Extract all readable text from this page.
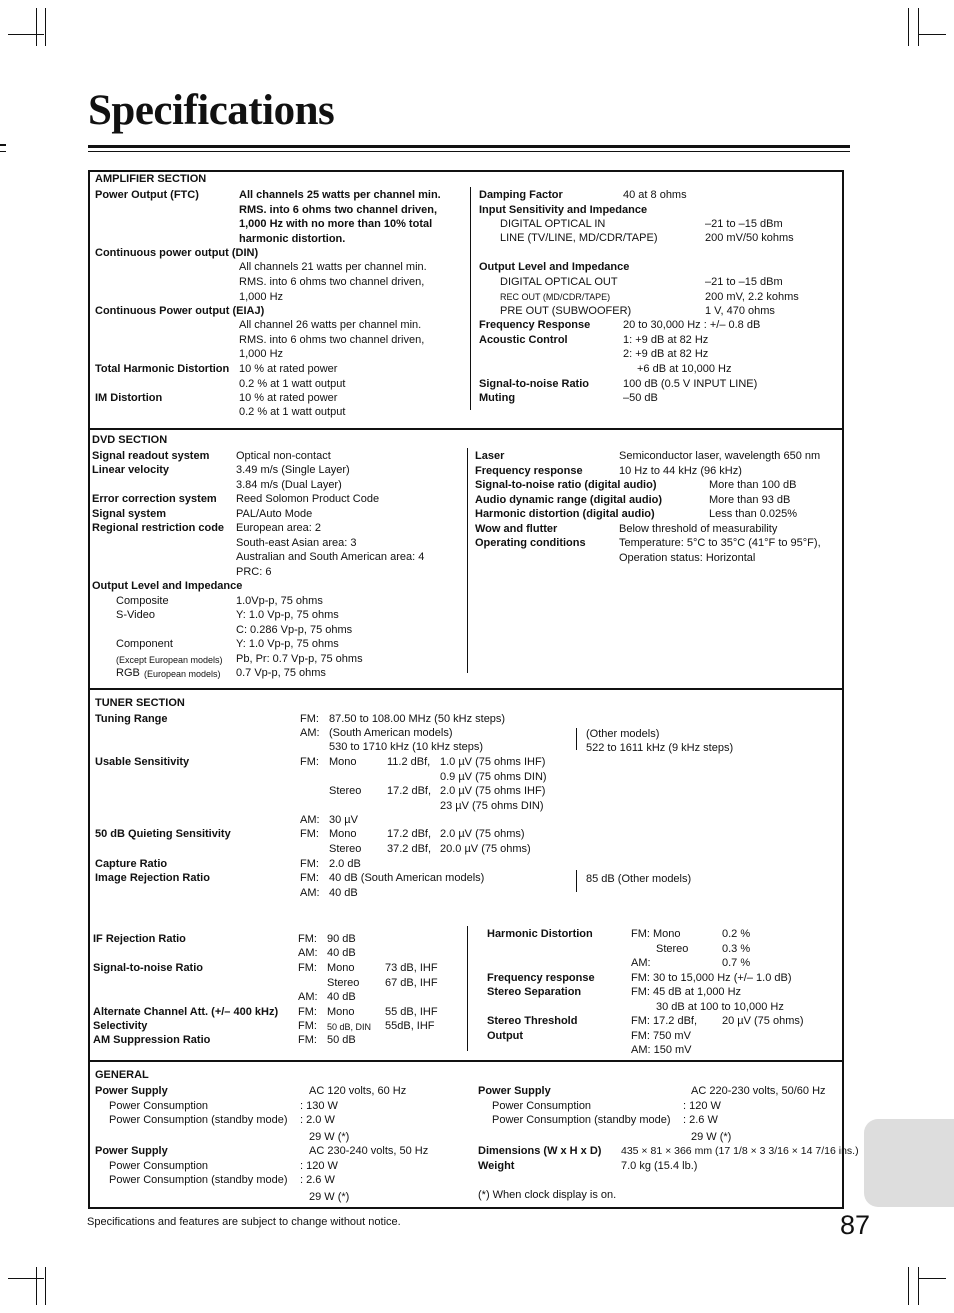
Specifications
AMPLIFIER SECTION
Power Output (FTC)	All channels 25 watts per channel min.
RMS. into 6 ohms two channel driven,
1,000 Hz with no more than 10% total
harmonic distortion.
Continuous power output (DIN)
All channels 21 watts per channel min.
RMS. into 6 ohms two channel driven,
1,000 Hz
Continuous Power output (EIAJ)
All channel 26 watts per channel min.
RMS. into 6 ohms two channel driven,
1,000 Hz
Total Harmonic Distortion 10 % at rated power
0.2 % at 1 watt output
IM Distortion	10 % at rated power
0.2 % at 1 watt output
Damping Factor	40 at 8 ohms
Input Sensitivity and Impedance
DIGITAL OPTICAL IN	–21 to –15 dBm
LINE (TV/LINE, MD/CDR/TAPE)	200 mV/50 kohms
Output Level and Impedance
DIGITAL OPTICAL OUT	–21 to –15 dBm
REC OUT (MD/CDR/TAPE)	200 mV, 2.2 kohms
PRE OUT (SUBWOOFER)	1 V, 470 ohms
Frequency Response	20 to 30,000 Hz : +/– 0.8 dB
Acoustic Control	1: +9 dB at 82 Hz
2: +9 dB at 82 Hz
+6 dB at 10,000 Hz
Signal-to-noise Ratio	100 dB (0.5 V INPUT LINE)
Muting	–50 dB
DVD SECTION
Signal readout system Optical non-contact
Linear velocity	3.49 m/s (Single Layer)
3.84 m/s (Dual Layer)
Error correction system Reed Solomon Product Code
Signal system	PAL/Auto Mode
Regional restriction code European area: 2
South-east Asian area: 3
Australian and South American area: 4
PRC: 6
Output Level and Impedance
Composite	1.0Vp-p, 75 ohms
S-Video	Y: 1.0 Vp-p, 75 ohms
C: 0.286 Vp-p, 75 ohms
Component	Y: 1.0 Vp-p, 75 ohms
(Except European models) Pb, Pr: 0.7 Vp-p, 75 ohms
RGB (European models) 0.7 Vp-p, 75 ohms
Laser	Semiconductor laser, wavelength 650 nm
Frequency response	10 Hz to 44 kHz (96 kHz)
Signal-to-noise ratio (digital audio)	More than 100 dB
Audio dynamic range (digital audio)	More than 93 dB
Harmonic distortion (digital audio)	Less than 0.025%
Wow and flutter	Below threshold of measurability
Operating conditions	Temperature: 5°C to 35°C (41°F to 95°F),
Operation status: Horizontal
TUNER SECTION
Tuning Range	FM: 87.50 to 108.00 MHz (50 kHz steps)
AM: (South American models)
530 to 1710 kHz (10 kHz steps)
(Other models)
522 to 1611 kHz (9 kHz steps)
Usable Sensitivity	FM: Mono	11.2 dBf, 1.0 µV (75 ohms IHF)
0.9 µV (75 ohms DIN)
Stereo 17.2 dBf, 2.0 µV (75 ohms IHF)
23 µV (75 ohms DIN)
AM: 30 µV
50 dB Quieting Sensitivity	FM: Mono	17.2 dBf, 2.0 µV (75 ohms)
Stereo 37.2 dBf, 20.0 µV (75 ohms)
Capture Ratio	FM: 2.0 dB
Image Rejection Ratio	FM: 40 dB (South American models)	85 dB (Other models)
AM: 40 dB
IF Rejection Ratio	FM: 90 dB
AM: 40 dB
Signal-to-noise Ratio	FM: Mono	73 dB, IHF
Stereo 67 dB, IHF
AM: 40 dB
Alternate Channel Att. (+/– 400 kHz) FM: Mono	55 dB, IHF
Selectivity	FM: 50 dB, DIN 55dB, IHF
AM Suppression Ratio	FM: 50 dB
Harmonic Distortion	FM: Mono	0.2 %
Stereo	0.3 %
AM:	0.7 %
Frequency response	FM: 30 to 15,000 Hz (+/– 1.0 dB)
Stereo Separation	FM: 45 dB at 1,000 Hz
30 dB at 100 to 10,000 Hz
Stereo Threshold	FM: 17.2 dBf, 20 µV (75 ohms)
Output	FM: 750 mV
AM: 150 mV
GENERAL
Power Supply	AC 120 volts, 60 Hz
Power Consumption	: 130 W
Power Consumption (standby mode) : 2.0 W
29 W (*)
Power Supply	AC 230-240 volts, 50 Hz
Power Consumption	: 120 W
Power Consumption (standby mode) : 2.6 W
29 W (*)
Power Supply	AC 220-230 volts, 50/60 Hz
Power Consumption	: 120 W
Power Consumption (standby mode) : 2.6 W
29 W (*)
Dimensions (W x H x D) 435 × 81 × 366 mm (17 1/8 × 3 3/16 × 14 7/16 ins.)
Weight	7.0 kg (15.4 lb.)
(*) When clock display is on.
Specifications and features are subject to change without notice.	87
